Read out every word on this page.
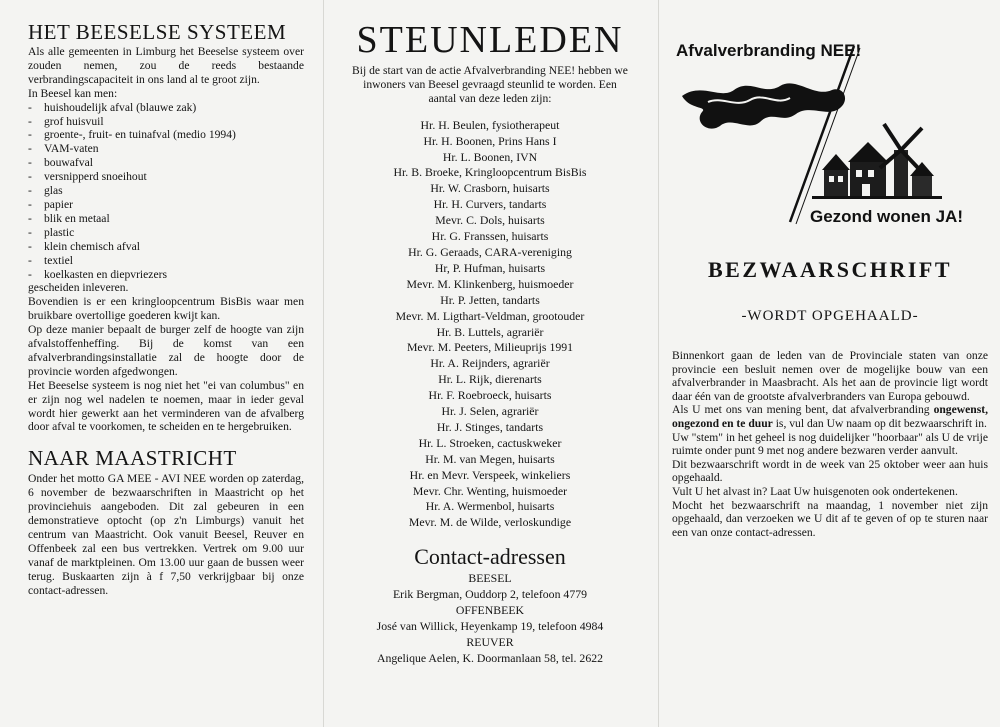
HET BEESELSE SYSTEEM

Als alle gemeenten in Limburg het Beeselse systeem over zouden nemen, zou de reeds bestaande verbrandingscapaciteit in ons land al te groot zijn.

In Beesel kan men:

- huishoudelijk afval (blauwe zak)
- grof huisvuil
- groente-, fruit- en tuinafval (medio 1994)
- VAM-vaten
- bouwafval
- versnipperd snoeihout
- glas
- papier
- blik en metaal
- plastic
- klein chemisch afval
- textiel
- koelkasten en diepvriezers

gescheiden inleveren.

Bovendien is er een kringloopcentrum BisBis waar men bruikbare overtollige goederen kwijt kan.

Op deze manier bepaalt de burger zelf de hoogte van zijn afvalstoffenheffing. Bij de komst van een afvalverbrandingsinstallatie zal de hoogte door de provincie worden afgedwongen.

Het Beeselse systeem is nog niet het "ei van columbus" en er zijn nog wel nadelen te noemen, maar in ieder geval wordt hier gewerkt aan het verminderen van de afvalberg door afval te voorkomen, te scheiden en te hergebruiken.

NAAR MAASTRICHT

Onder het motto GA MEE - AVI NEE worden op zaterdag, 6 november de bezwaarschriften in Maastricht op het provinciehuis aangeboden. Dit zal gebeuren in een demonstratieve optocht (op z'n Limburgs) vanuit het centrum van Maastricht. Ook vanuit Beesel, Reuver en Offenbeek zal een bus vertrekken. Vertrek om 9.00 uur vanaf de marktpleinen. Om 13.00 uur gaan de bussen weer terug. Buskaarten zijn à f 7,50 verkrijgbaar bij onze contact-adressen.

STEUNLEDEN

Bij de start van de actie Afvalverbranding NEE! hebben we inwoners van Beesel gevraagd steunlid te worden. Een aantal van deze leden zijn:

Hr. H. Beulen, fysiotherapeut
Hr. H. Boonen, Prins Hans I
Hr. L. Boonen, IVN
Hr. B. Broeke, Kringloopcentrum BisBis
Hr. W. Crasborn, huisarts
Hr. H. Curvers, tandarts
Mevr. C. Dols, huisarts
Hr. G. Franssen, huisarts
Hr. G. Geraads, CARA-vereniging
Hr, P. Hufman, huisarts
Mevr. M. Klinkenberg, huismoeder
Hr. P. Jetten, tandarts
Mevr. M. Ligthart-Veldman, grootouder
Hr. B. Luttels, agrariër
Mevr. M. Peeters, Milieuprijs 1991
Hr. A. Reijnders, agrariër
Hr. L. Rijk, dierenarts
Hr. F. Roebroeck, huisarts
Hr. J. Selen, agrariër
Hr. J. Stinges, tandarts
Hr. L. Stroeken, cactuskweker
Hr. M. van Megen, huisarts
Hr. en Mevr. Verspeek, winkeliers
Mevr. Chr. Wenting, huismoeder
Hr. A. Wermenbol, huisarts
Mevr. M. de Wilde, verloskundige
Contact-adressen
BEESEL
Erik Bergman, Ouddorp 2, telefoon 4779
OFFENBEEK
José van Willick, Heyenkamp 19, telefoon 4984
REUVER
Angelique Aelen, K. Doormanlaan 58, tel. 2622
Afvalverbranding NEE!
Gezond wonen JA!
BEZWAARSCHRIFT

-WORDT OPGEHAALD-

Binnenkort gaan de leden van de Provinciale staten van onze provincie een besluit nemen over de mogelijke bouw van een afvalverbrander in Maasbracht. Als het aan de provincie ligt wordt daar één van de grootste afvalverbranders van Europa gebouwd.

Als U met ons van mening bent, dat afvalverbranding ongewenst, ongezond en te duur is, vul dan Uw naam op dit bezwaarschrift in.

Uw "stem" in het geheel is nog duidelijker "hoorbaar" als U de vrije ruimte onder punt 9 met nog andere bezwaren verder aanvult.

Dit bezwaarschrift wordt in de week van 25 oktober weer aan huis opgehaald.

Vult U het alvast in? Laat Uw huisgenoten ook ondertekenen.

Mocht het bezwaarschrift na maandag, 1 november niet zijn opgehaald, dan verzoeken we U dit af te geven of op te sturen naar een van onze contact-adressen.
